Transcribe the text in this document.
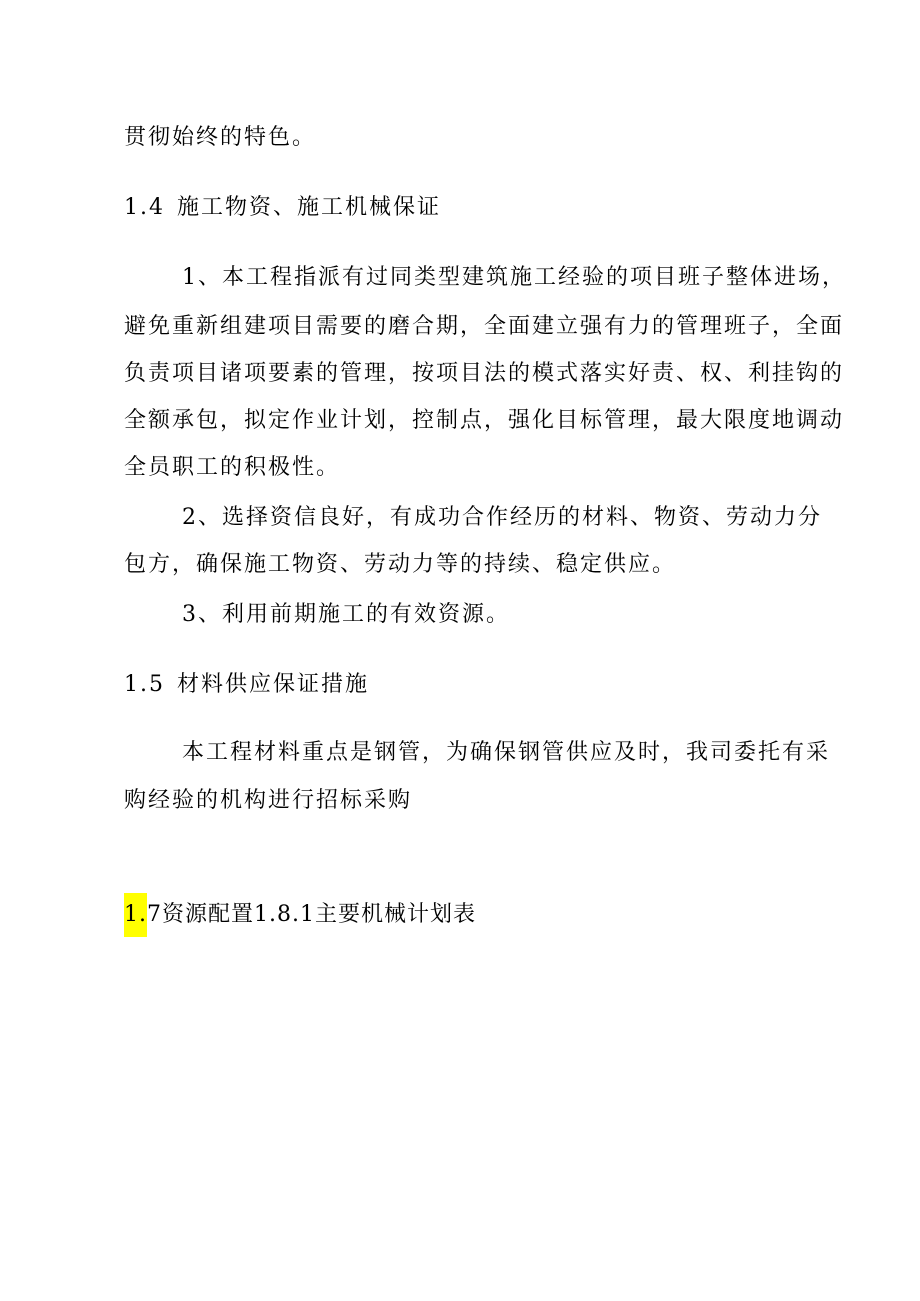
贯彻始终的特色。
1.4 施工物资、施工机械保证
1、本工程指派有过同类型建筑施工经验的项目班子整体进场，
避免重新组建项目需要的磨合期，全面建立强有力的管理班子，全面
负责项目诸项要素的管理，按项目法的模式落实好责、权、利挂钩的
全额承包，拟定作业计划，控制点，强化目标管理，最大限度地调动
全员职工的积极性。
2、选择资信良好，有成功合作经历的材料、物资、劳动力分
包方，确保施工物资、劳动力等的持续、稳定供应。
3、利用前期施工的有效资源。
1.5 材料供应保证措施
本工程材料重点是钢管，为确保钢管供应及时，我司委托有采
购经验的机构进行招标采购
1.7资源配置1.8.1主要机械计划表
